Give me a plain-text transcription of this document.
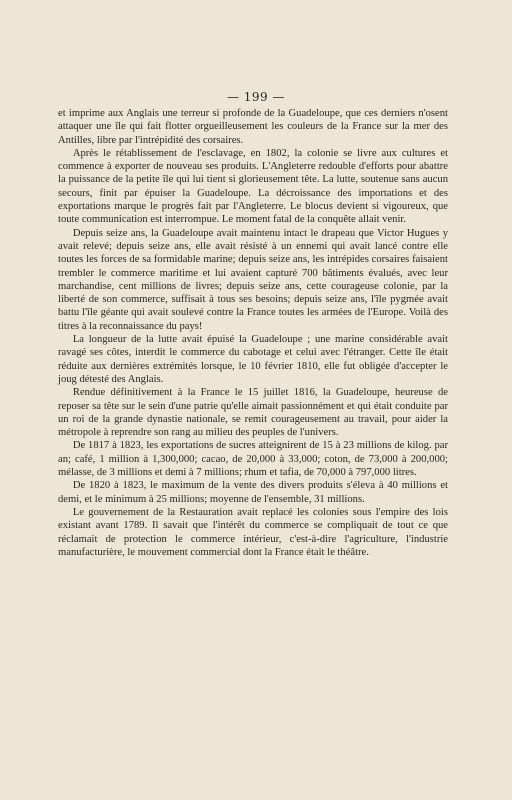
— 199 —

et imprime aux Anglais une terreur si profonde de la Guadeloupe, que ces derniers n'osent attaquer une île qui fait flotter orgueilleusement les couleurs de la France sur la mer des Antilles, libre par l'intrépidité des corsaires.

Après le rétablissement de l'esclavage, en 1802, la colonie se livre aux cultures et commence à exporter de nouveau ses produits. L'Angleterre redouble d'efforts pour abattre la puissance de la petite île qui lui tient si glorieusement tête. La lutte, soutenue sans aucun secours, finit par épuiser la Guadeloupe. La décroissance des importations et des exportations marque le progrès fait par l'Angleterre. Le blocus devient si vigoureux, que toute communication est interrompue. Le moment fatal de la conquête allait venir.

Depuis seize ans, la Guadeloupe avait maintenu intact le drapeau que Victor Hugues y avait relevé; depuis seize ans, elle avait résisté à un ennemi qui avait lancé contre elle toutes les forces de sa formidable marine; depuis seize ans, les intrépides corsaires faisaient trembler le commerce maritime et lui avaient capturé 700 bâtiments évalués, avec leur marchandise, cent millions de livres; depuis seize ans, cette courageuse colonie, par la liberté de son commerce, suffisait à tous ses besoins; depuis seize ans, l'île pygmée avait battu l'île géante qui avait soulevé contre la France toutes les armées de l'Europe. Voilà des titres à la reconnaissance du pays!

La longueur de la lutte avait épuisé la Guadeloupe ; une marine considérable avait ravagé ses côtes, interdit le commerce du cabotage et celui avec l'étranger. Cette île était réduite aux dernières extrémités lorsque, le 10 février 1810, elle fut obligée d'accepter le joug détesté des Anglais.

Rendue définitivement à la France le 15 juillet 1816, la Guadeloupe, heureuse de reposer sa tête sur le sein d'une patrie qu'elle aimait passionnément et qui était conduite par un roi de la grande dynastie nationale, se remit courageusement au travail, pour aider la métropole à reprendre son rang au milieu des peuples de l'univers.

De 1817 à 1823, les exportations de sucres atteignirent de 15 à 23 millions de kilog. par an; café, 1 million à 1,300,000; cacao, de 20,000 à 33,000; coton, de 73,000 à 200,000; mélasse, de 3 millions et demi à 7 millions; rhum et tafia, de 70,000 à 797,000 litres.

De 1820 à 1823, le maximum de la vente des divers produits s'éleva à 40 millions et demi, et le minimum à 25 millions; moyenne de l'ensemble, 31 millions.

Le gouvernement de la Restauration avait replacé les colonies sous l'empire des lois existant avant 1789. Il savait que l'intérêt du commerce se compliquait de tout ce que réclamait de protection le commerce intérieur, c'est-à-dire l'agriculture, l'industrie manufacturière, le mouvement commercial dont la France était le théâtre.
